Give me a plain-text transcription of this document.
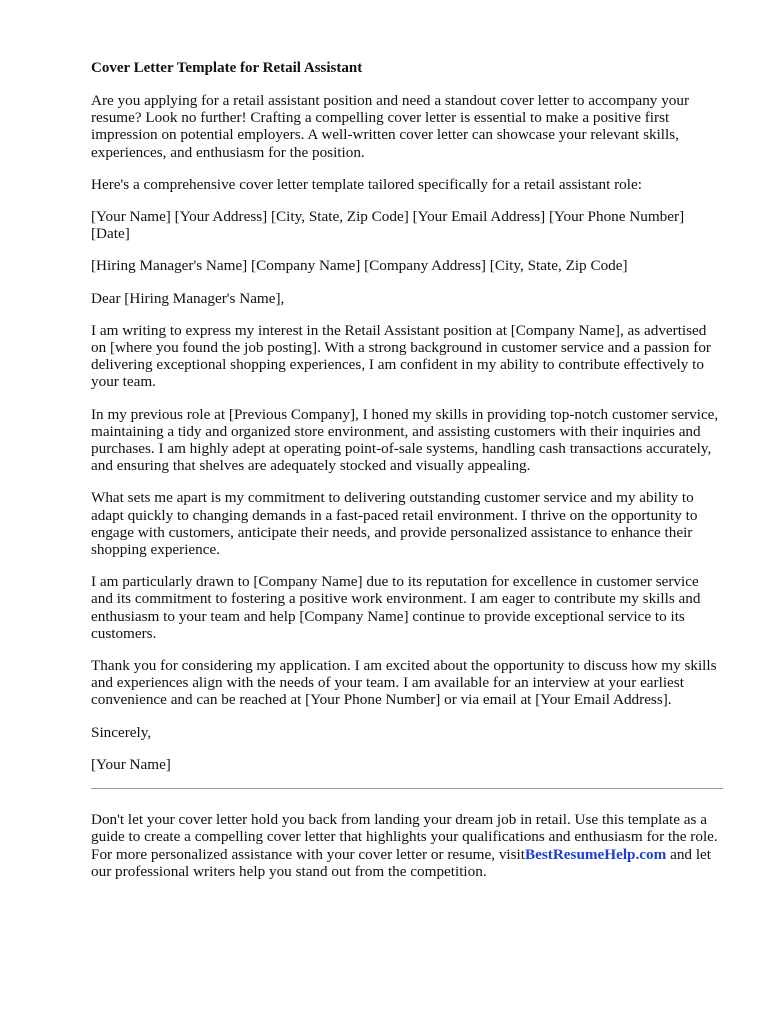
Cover Letter Template for Retail Assistant
Are you applying for a retail assistant position and need a standout cover letter to accompany your resume? Look no further! Crafting a compelling cover letter is essential to make a positive first impression on potential employers. A well-written cover letter can showcase your relevant skills, experiences, and enthusiasm for the position.
Here's a comprehensive cover letter template tailored specifically for a retail assistant role:
[Your Name] [Your Address] [City, State, Zip Code] [Your Email Address] [Your Phone Number] [Date]
[Hiring Manager's Name] [Company Name] [Company Address] [City, State, Zip Code]
Dear [Hiring Manager's Name],
I am writing to express my interest in the Retail Assistant position at [Company Name], as advertised on [where you found the job posting]. With a strong background in customer service and a passion for delivering exceptional shopping experiences, I am confident in my ability to contribute effectively to your team.
In my previous role at [Previous Company], I honed my skills in providing top-notch customer service, maintaining a tidy and organized store environment, and assisting customers with their inquiries and purchases. I am highly adept at operating point-of-sale systems, handling cash transactions accurately, and ensuring that shelves are adequately stocked and visually appealing.
What sets me apart is my commitment to delivering outstanding customer service and my ability to adapt quickly to changing demands in a fast-paced retail environment. I thrive on the opportunity to engage with customers, anticipate their needs, and provide personalized assistance to enhance their shopping experience.
I am particularly drawn to [Company Name] due to its reputation for excellence in customer service and its commitment to fostering a positive work environment. I am eager to contribute my skills and enthusiasm to your team and help [Company Name] continue to provide exceptional service to its customers.
Thank you for considering my application. I am excited about the opportunity to discuss how my skills and experiences align with the needs of your team. I am available for an interview at your earliest convenience and can be reached at [Your Phone Number] or via email at [Your Email Address].
Sincerely,
[Your Name]
Don't let your cover letter hold you back from landing your dream job in retail. Use this template as a guide to create a compelling cover letter that highlights your qualifications and enthusiasm for the role. For more personalized assistance with your cover letter or resume, visitBestResumeHelp.com and let our professional writers help you stand out from the competition.
